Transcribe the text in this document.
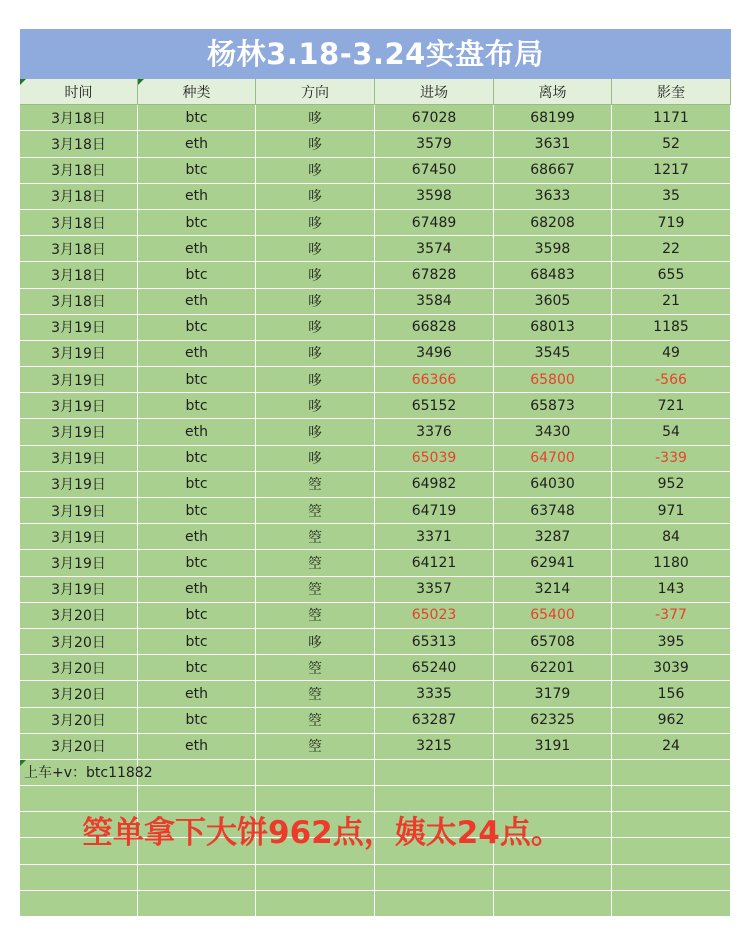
杨林3.18-3.24实盘布局
时间	种类	方向	进场	离场	影奎
3月18日	btc	哆	67028	68199	1171
3月18日	eth	哆	3579	3631	52
3月18日	btc	哆	67450	68667	1217
3月18日	eth	哆	3598	3633	35
3月18日	btc	哆	67489	68208	719
3月18日	eth	哆	3574	3598	22
3月18日	btc	哆	67828	68483	655
3月18日	eth	哆	3584	3605	21
3月19日	btc	哆	66828	68013	1185
3月19日	eth	哆	3496	3545	49
3月19日	btc	哆	66366	65800	-566
3月19日	btc	哆	65152	65873	721
3月19日	eth	哆	3376	3430	54
3月19日	btc	哆	65039	64700	-339
3月19日	btc	箜	64982	64030	952
3月19日	btc	箜	64719	63748	971
3月19日	eth	箜	3371	3287	84
3月19日	btc	箜	64121	62941	1180
3月19日	eth	箜	3357	3214	143
3月20日	btc	箜	65023	65400	-377
3月20日	btc	哆	65313	65708	395
3月20日	btc	箜	65240	62201	3039
3月20日	eth	箜	3335	3179	156
3月20日	btc	箜	63287	62325	962
3月20日	eth	箜	3215	3191	24
上车+v：btc11882
箜单拿下大饼962点，姨太24点。
